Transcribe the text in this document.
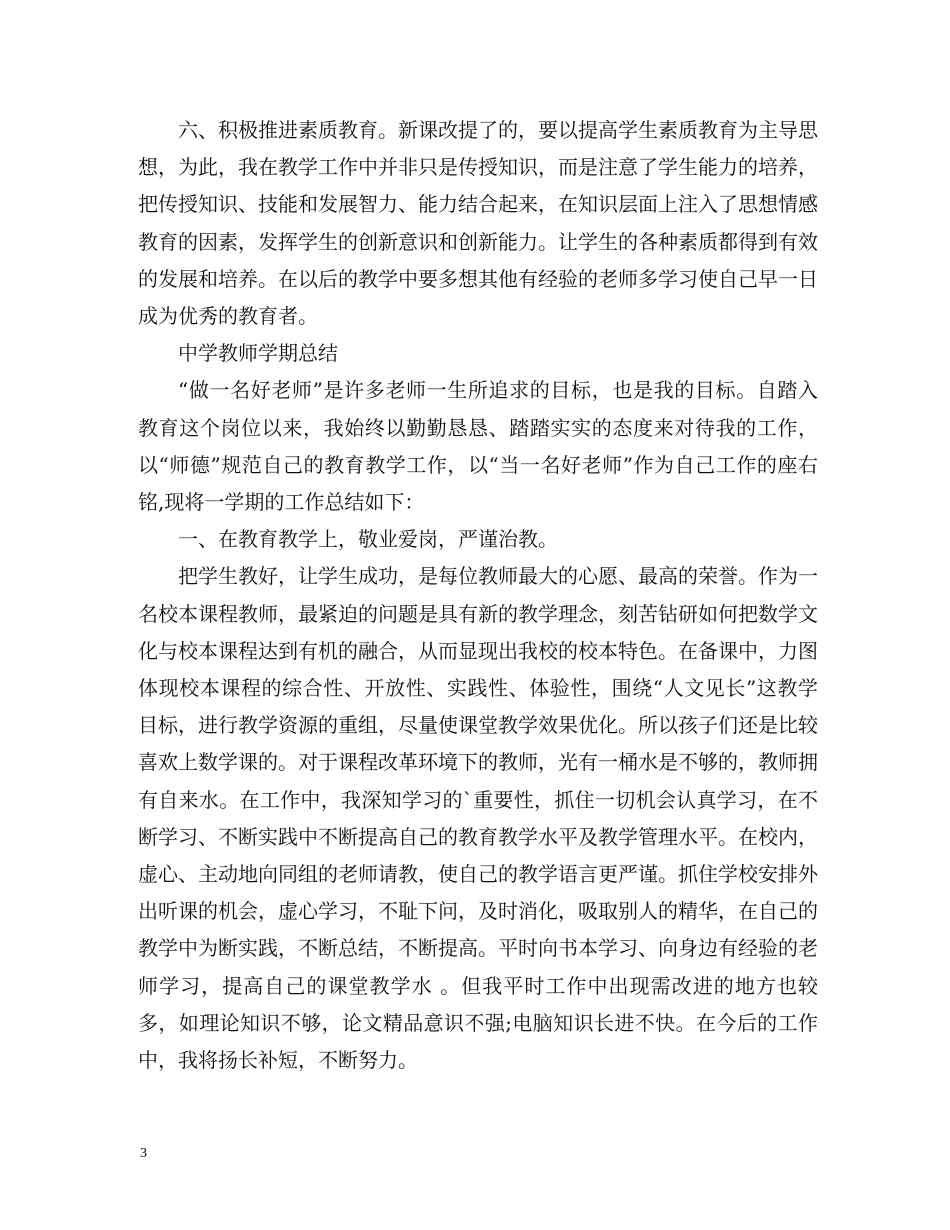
六、积极推进素质教育。新课改提了的，要以提高学生素质教育为主导思想，为此，我在教学工作中并非只是传授知识，而是注意了学生能力的培养，把传授知识、技能和发展智力、能力结合起来，在知识层面上注入了思想情感教育的因素，发挥学生的创新意识和创新能力。让学生的各种素质都得到有效的发展和培养。在以后的教学中要多想其他有经验的老师多学习使自己早一日成为优秀的教育者。

中学教师学期总结

“做一名好老师”是许多老师一生所追求的目标，也是我的目标。自踏入教育这个岗位以来，我始终以勤勤恳恳、踏踏实实的态度来对待我的工作，以“师德”规范自己的教育教学工作，以“当一名好老师”作为自己工作的座右铭,现将一学期的工作总结如下：

一、在教育教学上，敬业爱岗，严谨治教。

把学生教好，让学生成功，是每位教师最大的心愿、最高的荣誉。作为一名校本课程教师，最紧迫的问题是具有新的教学理念，刻苦钻研如何把数学文化与校本课程达到有机的融合，从而显现出我校的校本特色。在备课中，力图体现校本课程的综合性、开放性、实践性、体验性，围绕“人文见长”这教学目标，进行教学资源的重组，尽量使课堂教学效果优化。所以孩子们还是比较喜欢上数学课的。对于课程改革环境下的教师，光有一桶水是不够的，教师拥有自来水。在工作中，我深知学习的`重要性，抓住一切机会认真学习，在不断学习、不断实践中不断提高自己的教育教学水平及教学管理水平。在校内，虚心、主动地向同组的老师请教，使自己的教学语言更严谨。抓住学校安排外出听课的机会，虚心学习，不耻下问，及时消化，吸取别人的精华，在自己的教学中为断实践，不断总结，不断提高。平时向书本学习、向身边有经验的老师学习，提高自己的课堂教学水 。但我平时工作中出现需改进的地方也较多，如理论知识不够，论文精品意识不强;电脑知识长进不快。在今后的工作中，我将扬长补短，不断努力。

3
